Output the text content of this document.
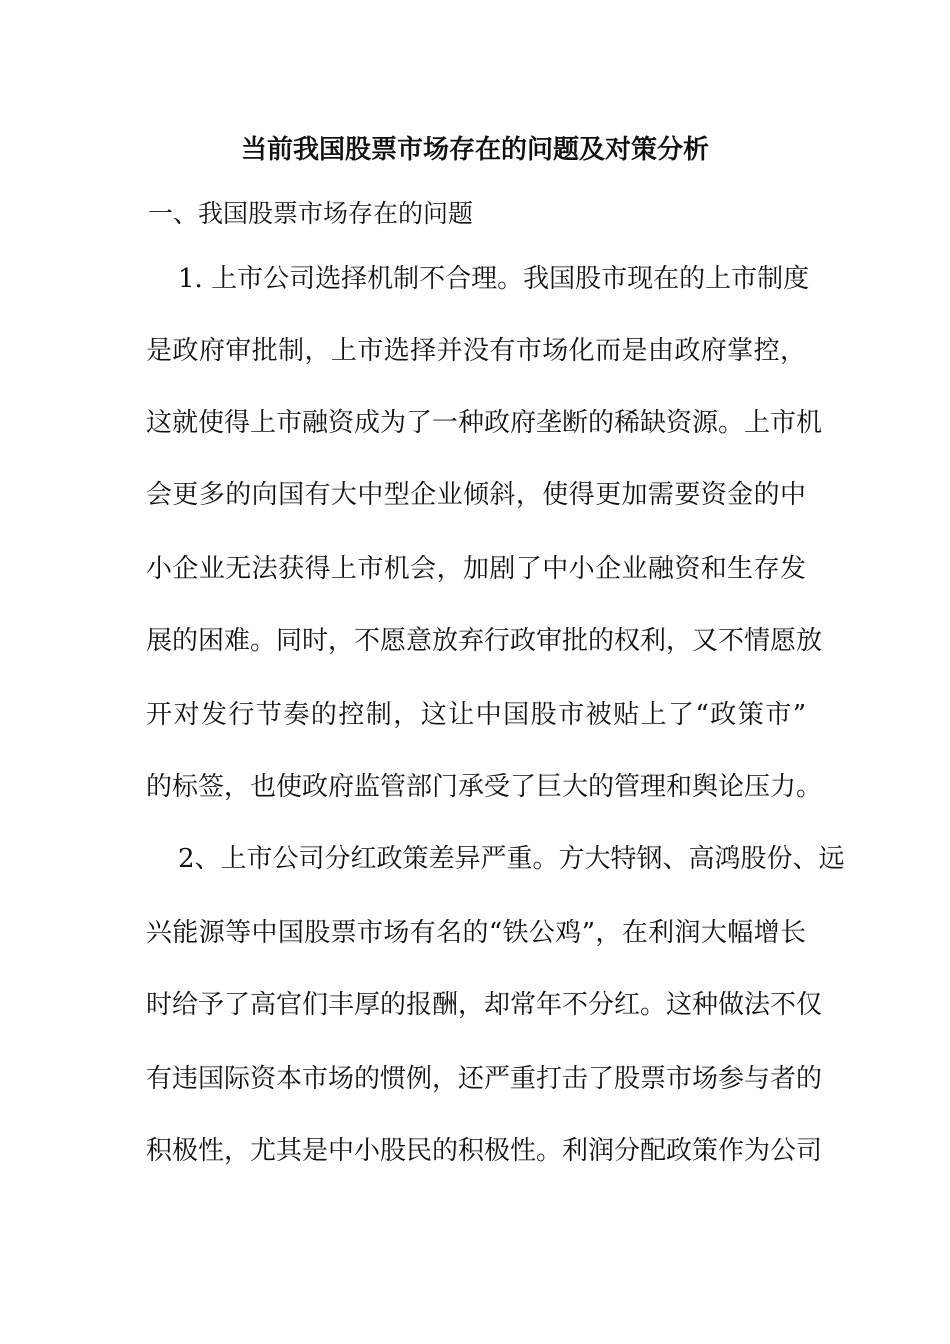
当前我国股票市场存在的问题及对策分析
一、我国股票市场存在的问题
1. 上市公司选择机制不合理。我国股市现在的上市制度
是政府审批制，上市选择并没有市场化而是由政府掌控，
这就使得上市融资成为了一种政府垄断的稀缺资源。上市机
会更多的向国有大中型企业倾斜，使得更加需要资金的中
小企业无法获得上市机会，加剧了中小企业融资和生存发
展的困难。同时，不愿意放弃行政审批的权利，又不情愿放
开对发行节奏的控制，这让中国股市被贴上了“政策市”
的标签，也使政府监管部门承受了巨大的管理和舆论压力。
2、上市公司分红政策差异严重。方大特钢、高鸿股份、远
兴能源等中国股票市场有名的“铁公鸡”，在利润大幅增长
时给予了高官们丰厚的报酬，却常年不分红。这种做法不仅
有违国际资本市场的惯例，还严重打击了股票市场参与者的
积极性，尤其是中小股民的积极性。利润分配政策作为公司
